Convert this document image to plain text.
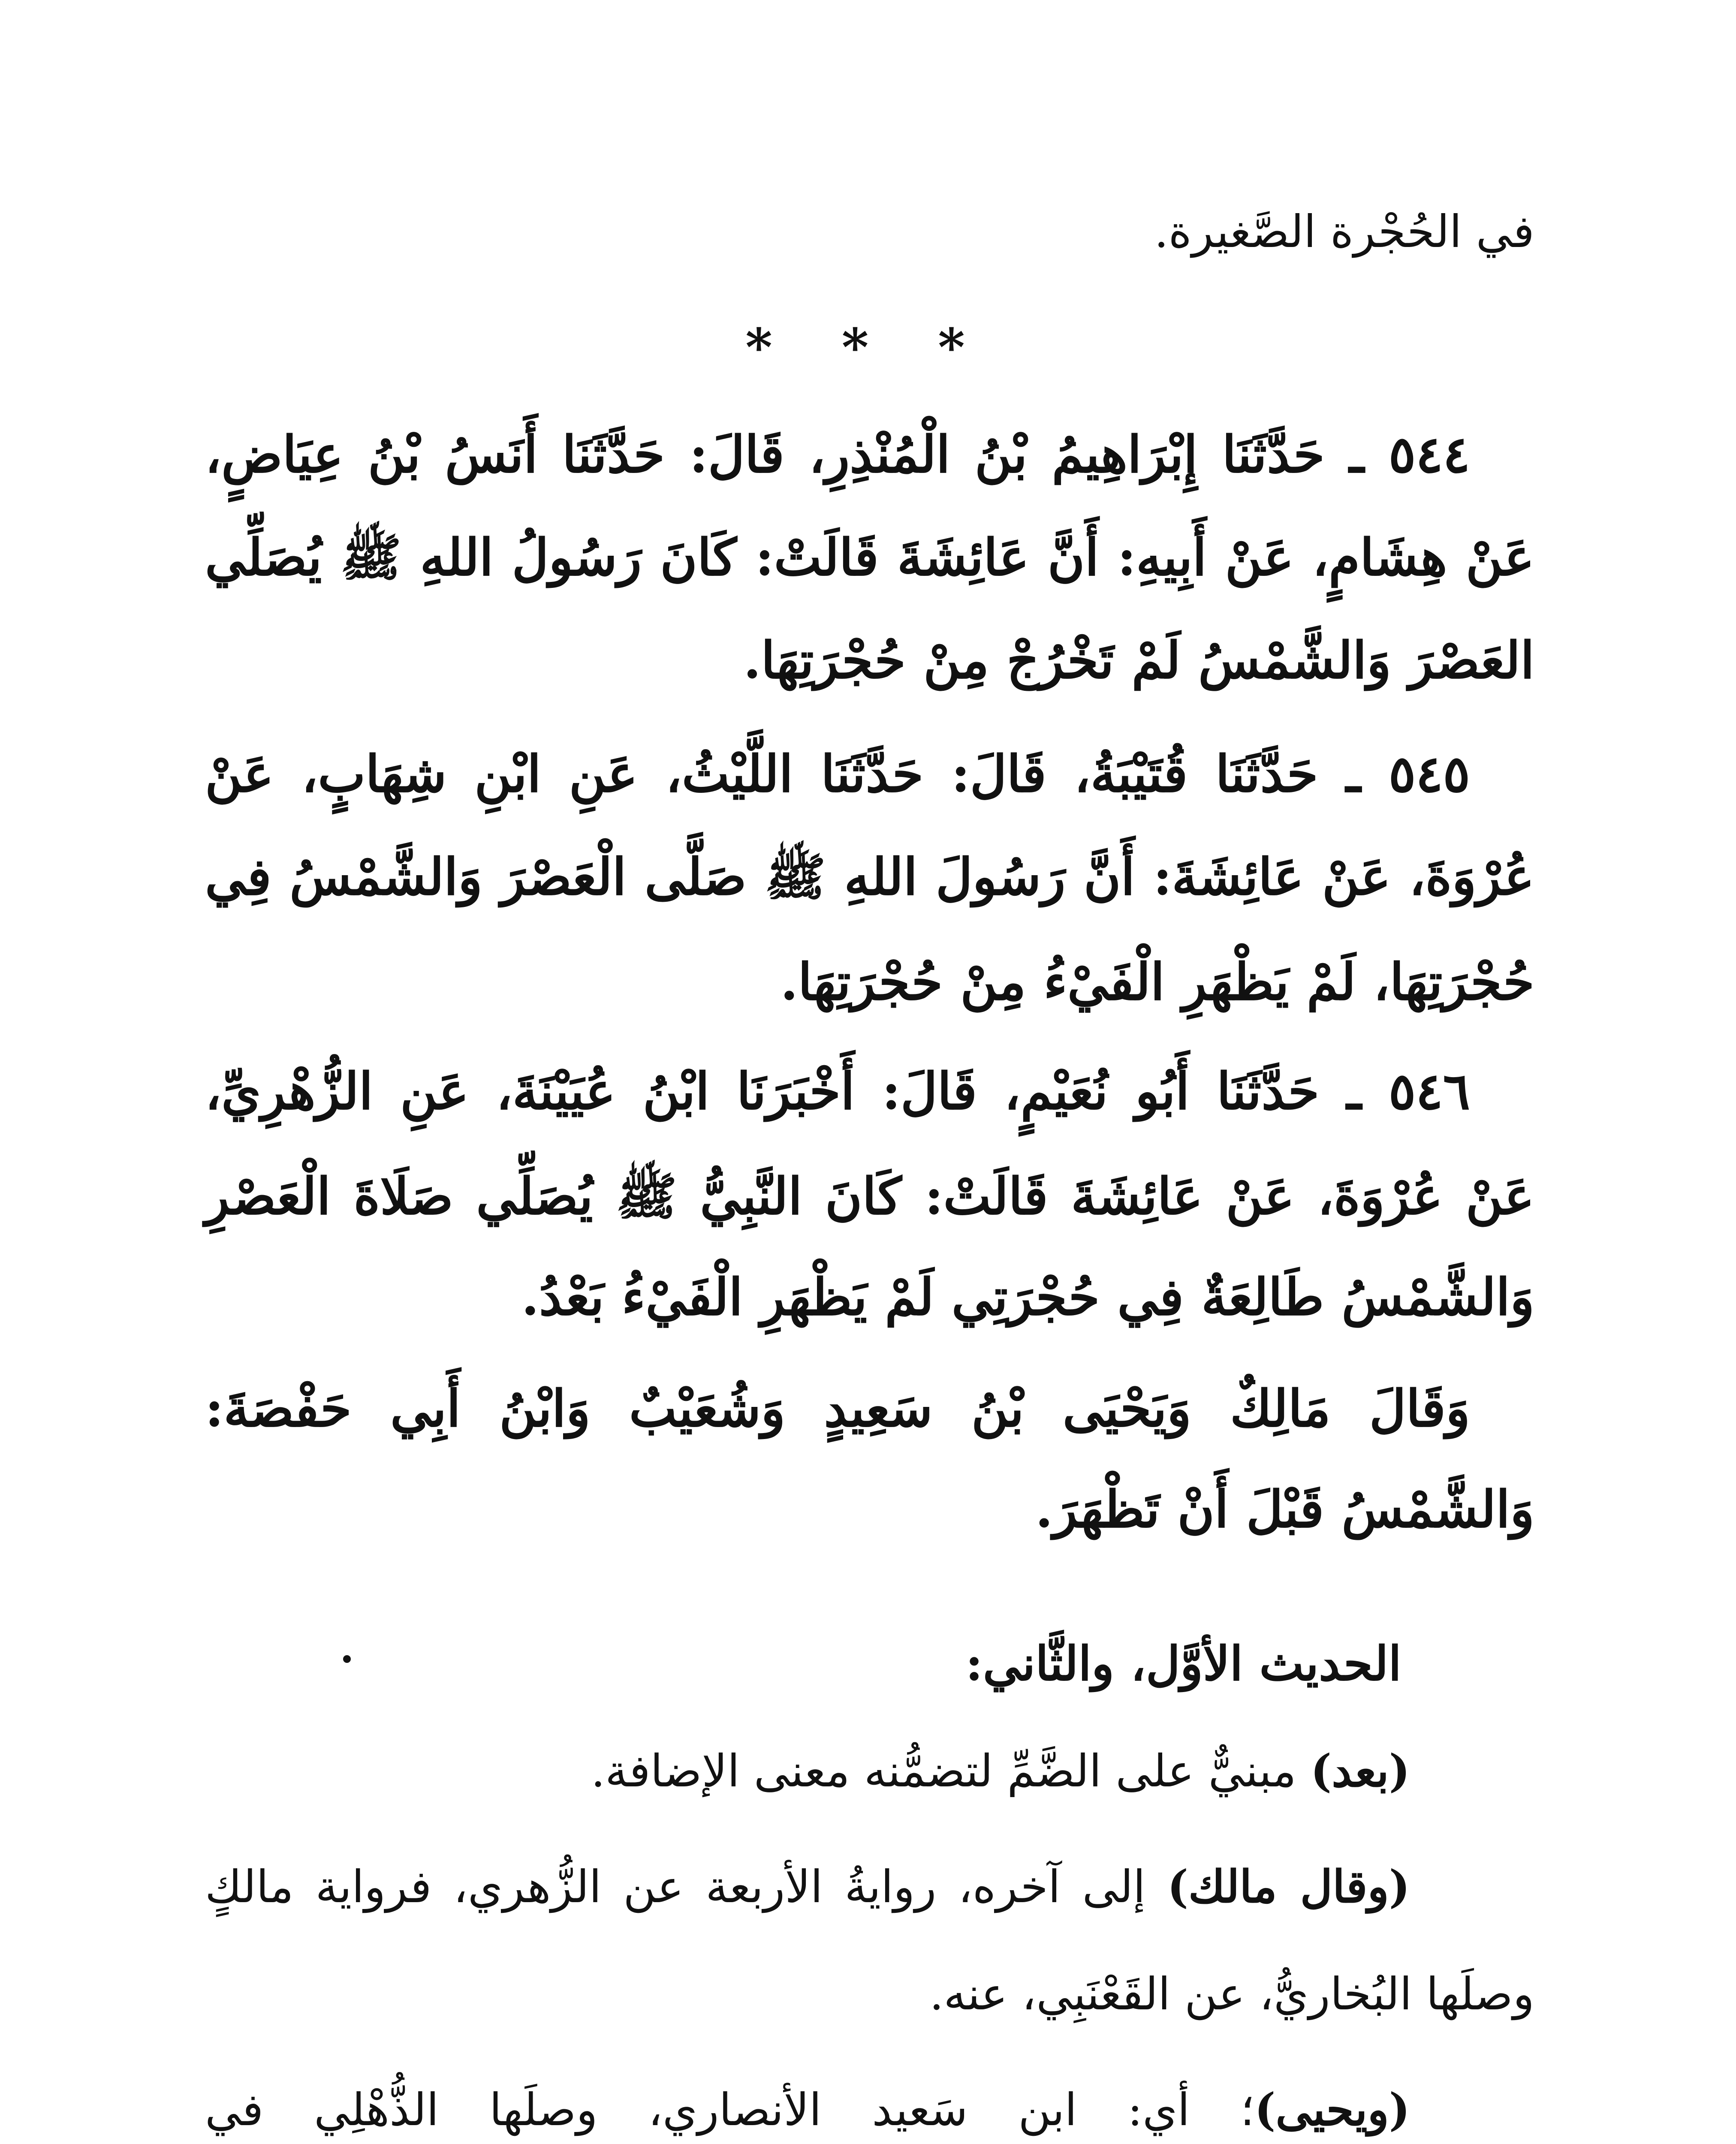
في الحُجْرة الصَّغيرة.
* * *
٥٤٤ ـ حَدَّثَنَا إِبْرَاهِيمُ بْنُ الْمُنْذِرِ، قَالَ: حَدَّثَنَا أَنَسُ بْنُ عِيَاضٍ،
عَنْ هِشَامٍ، عَنْ أَبِيهِ: أَنَّ عَائِشَةَ قَالَتْ: كَانَ رَسُولُ اللهِ ﷺ يُصَلِّي
العَصْرَ وَالشَّمْسُ لَمْ تَخْرُجْ مِنْ حُجْرَتِهَا.
٥٤٥ ـ حَدَّثَنَا قُتَيْبَةُ، قَالَ: حَدَّثَنَا اللَّيْثُ، عَنِ ابْنِ شِهَابٍ، عَنْ
عُرْوَةَ، عَنْ عَائِشَةَ: أَنَّ رَسُولَ اللهِ ﷺ صَلَّى الْعَصْرَ وَالشَّمْسُ فِي
حُجْرَتِهَا، لَمْ يَظْهَرِ الْفَيْءُ مِنْ حُجْرَتِهَا.
٥٤٦ ـ حَدَّثَنَا أَبُو نُعَيْمٍ، قَالَ: أَخْبَرَنَا ابْنُ عُيَيْنَةَ، عَنِ الزُّهْرِيِّ،
عَنْ عُرْوَةَ، عَنْ عَائِشَةَ قَالَتْ: كَانَ النَّبِيُّ ﷺ يُصَلِّي صَلَاةَ الْعَصْرِ
وَالشَّمْسُ طَالِعَةٌ فِي حُجْرَتِي لَمْ يَظْهَرِ الْفَيْءُ بَعْدُ.
وَقَالَ مَالِكٌ وَيَحْيَى بْنُ سَعِيدٍ وَشُعَيْبٌ وَابْنُ أَبِي حَفْصَةَ:
وَالشَّمْسُ قَبْلَ أَنْ تَظْهَرَ.
الحديث الأوَّل، والثَّاني:
(بعد) مبنيٌّ على الضَّمِّ لتضمُّنه معنى الإضافة.
(وقال مالك) إلى آخره، روايةُ الأربعة عن الزُّهري، فرواية مالكٍ
وصلَها البُخاريُّ، عن القَعْنَبِي، عنه.
(ويحيى)؛ أي: ابن سَعيد الأنصاري، وصلَها الذُّهْلِي في
